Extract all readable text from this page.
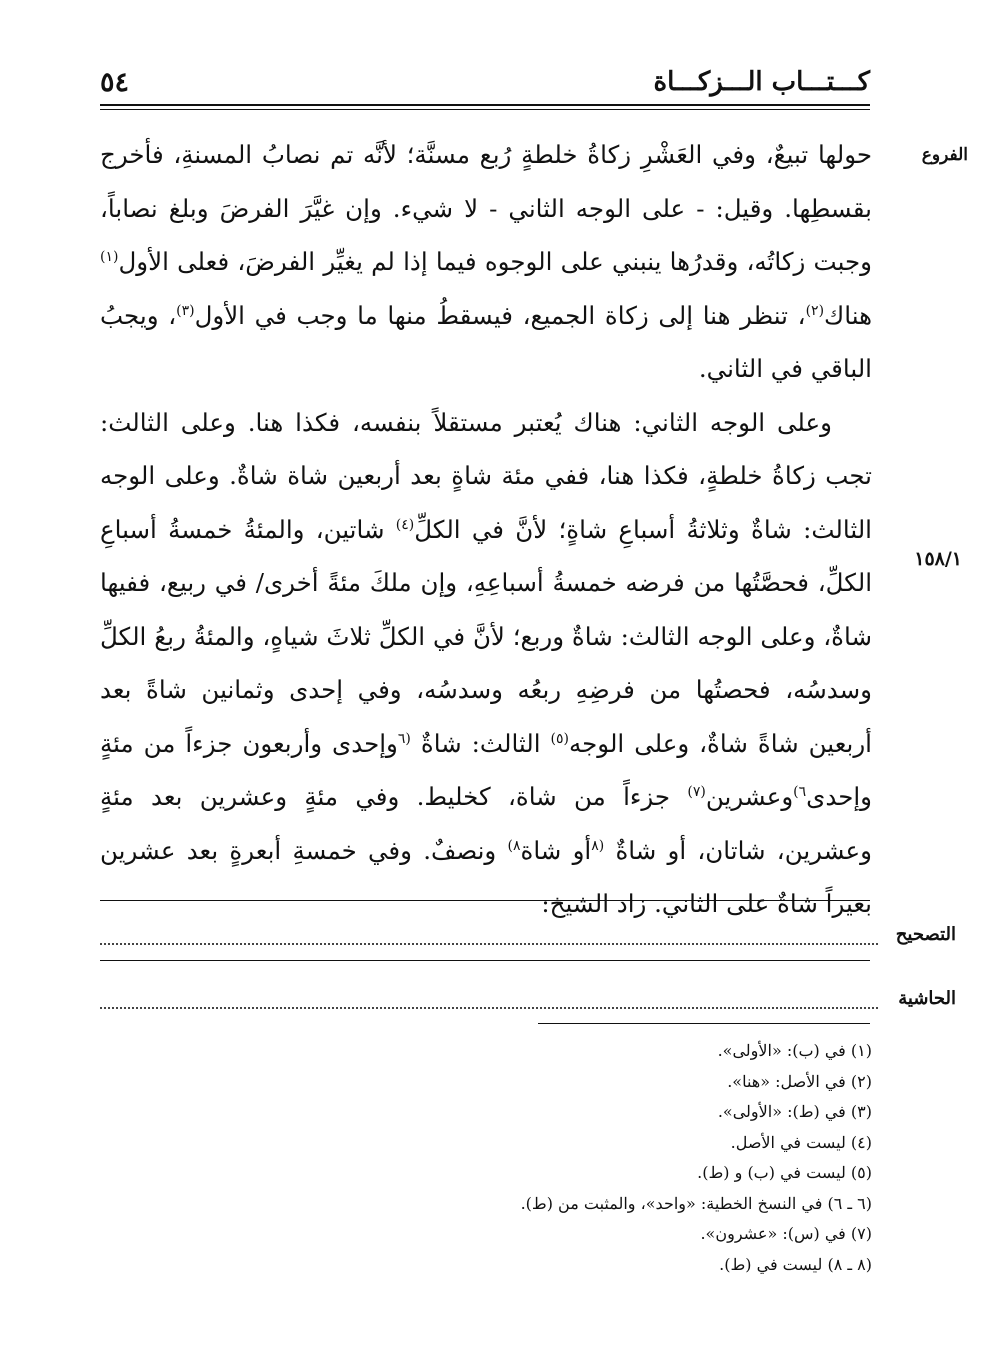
كـــتـــاب الـــزكـــاة
٥٤
الفروع
١٥٨/١

حولها تبيعٌ، وفي العَشْرِ زكاةُ خلطةٍ رُبع مسنَّة؛ لأنَّه تم نصابُ المسنةِ، فأخرج بقسطِها. وقيل: - على الوجه الثاني - لا شيء. وإن غيَّرَ الفرضَ وبلغ نصاباً، وجبت زكاتُه، وقدرُها ينبني على الوجوه فيما إذا لم يغيِّر الفرضَ، فعلى الأول$^{(١)}$ هناك$^{(٢)}$، تنظر هنا إلى زكاة الجميع، فيسقطُ منها ما وجب في الأول$^{(٣)}$، ويجبُ الباقي في الثاني.

وعلى الوجه الثاني: هناك يُعتبر مستقلاً بنفسه، فكذا هنا. وعلى الثالث: تجب زكاةُ خلطةٍ، فكذا هنا، ففي مئة شاةٍ بعد أربعين شاة شاةٌ. وعلى الوجه الثالث: شاةٌ وثلاثةُ أسباعِ شاةٍ؛ لأنَّ في الكلِّ$^{(٤)}$ شاتين، والمئةُ خمسةُ أسباعِ الكلِّ، فحصَّتُها من فرضه خمسةُ أسباعِهِ، وإن ملكَ مئةً أخرى/ في ربيع، ففيها شاةٌ، وعلى الوجه الثالث: شاةٌ وربع؛ لأنَّ في الكلِّ ثلاثَ شياهٍ، والمئةُ ربعُ الكلِّ وسدسُه، فحصتُها من فرضِهِ ربعُه وسدسُه، وفي إحدى وثمانين شاةً بعد أربعين شاةً شاةٌ، وعلى الوجه$^{(٥)}$ الثالث: شاةٌ $^{(٦}$وإحدى وأربعون جزءاً من مئةٍ وإحدى$^{٦)}$وعشرين$^{(٧)}$ جزءاً من شاة، كخليط. وفي مئةٍ وعشرين بعد مئةٍ وعشرين، شاتان، أو شاةٌ $^{(٨}$أو شاة$^{٨)}$ ونصفٌ. وفي خمسةِ أبعرةٍ بعد عشرين بعيراً شاةٌ على الثاني. زاد الشيخ:

التصحيح
الحاشية
(١) في (ب): «الأولى».
(٢) في الأصل: «هنا».
(٣) في (ط): «الأولى».
(٤) ليست في الأصل.
(٥) ليست في (ب) و (ط).
(٦ ـ ٦) في النسخ الخطية: «واحد»، والمثبت من (ط).
(٧) في (س): «عشرون».
(٨ ـ ٨) ليست في (ط).
